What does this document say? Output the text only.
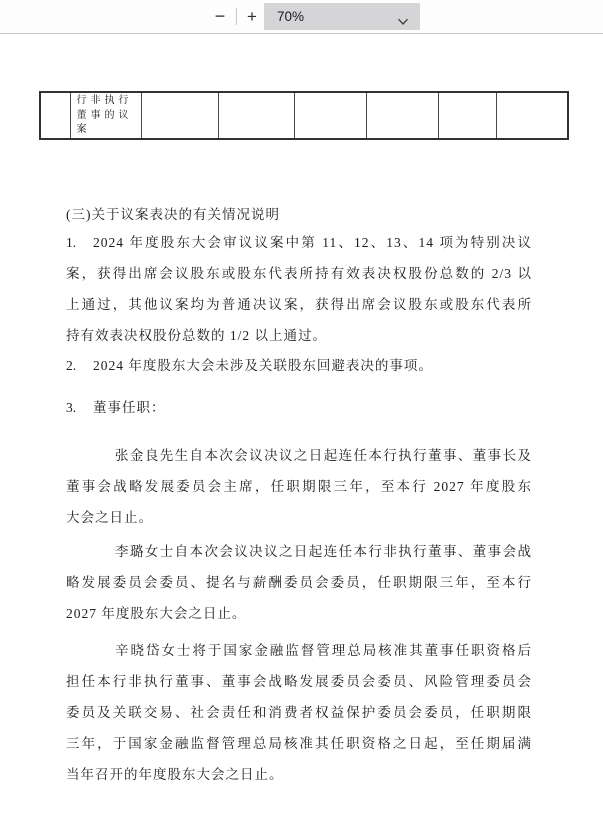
−	+	70%

行非执行董事的议案

(三)关于议案表决的有关情况说明
1. 2024 年度股东大会审议议案中第 11、12、13、14 项为特别决议
案，获得出席会议股东或股东代表所持有效表决权股份总数的 2/3 以
上通过，其他议案均为普通决议案，获得出席会议股东或股东代表所
持有效表决权股份总数的 1/2 以上通过。
2. 2024 年度股东大会未涉及关联股东回避表决的事项。
3. 董事任职：
张金良先生自本次会议决议之日起连任本行执行董事、董事长及
董事会战略发展委员会主席，任职期限三年，至本行 2027 年度股东
大会之日止。
李璐女士自本次会议决议之日起连任本行非执行董事、董事会战
略发展委员会委员、提名与薪酬委员会委员，任职期限三年，至本行
2027 年度股东大会之日止。
辛晓岱女士将于国家金融监督管理总局核准其董事任职资格后
担任本行非执行董事、董事会战略发展委员会委员、风险管理委员会
委员及关联交易、社会责任和消费者权益保护委员会委员，任职期限
三年，于国家金融监督管理总局核准其任职资格之日起，至任期届满
当年召开的年度股东大会之日止。
